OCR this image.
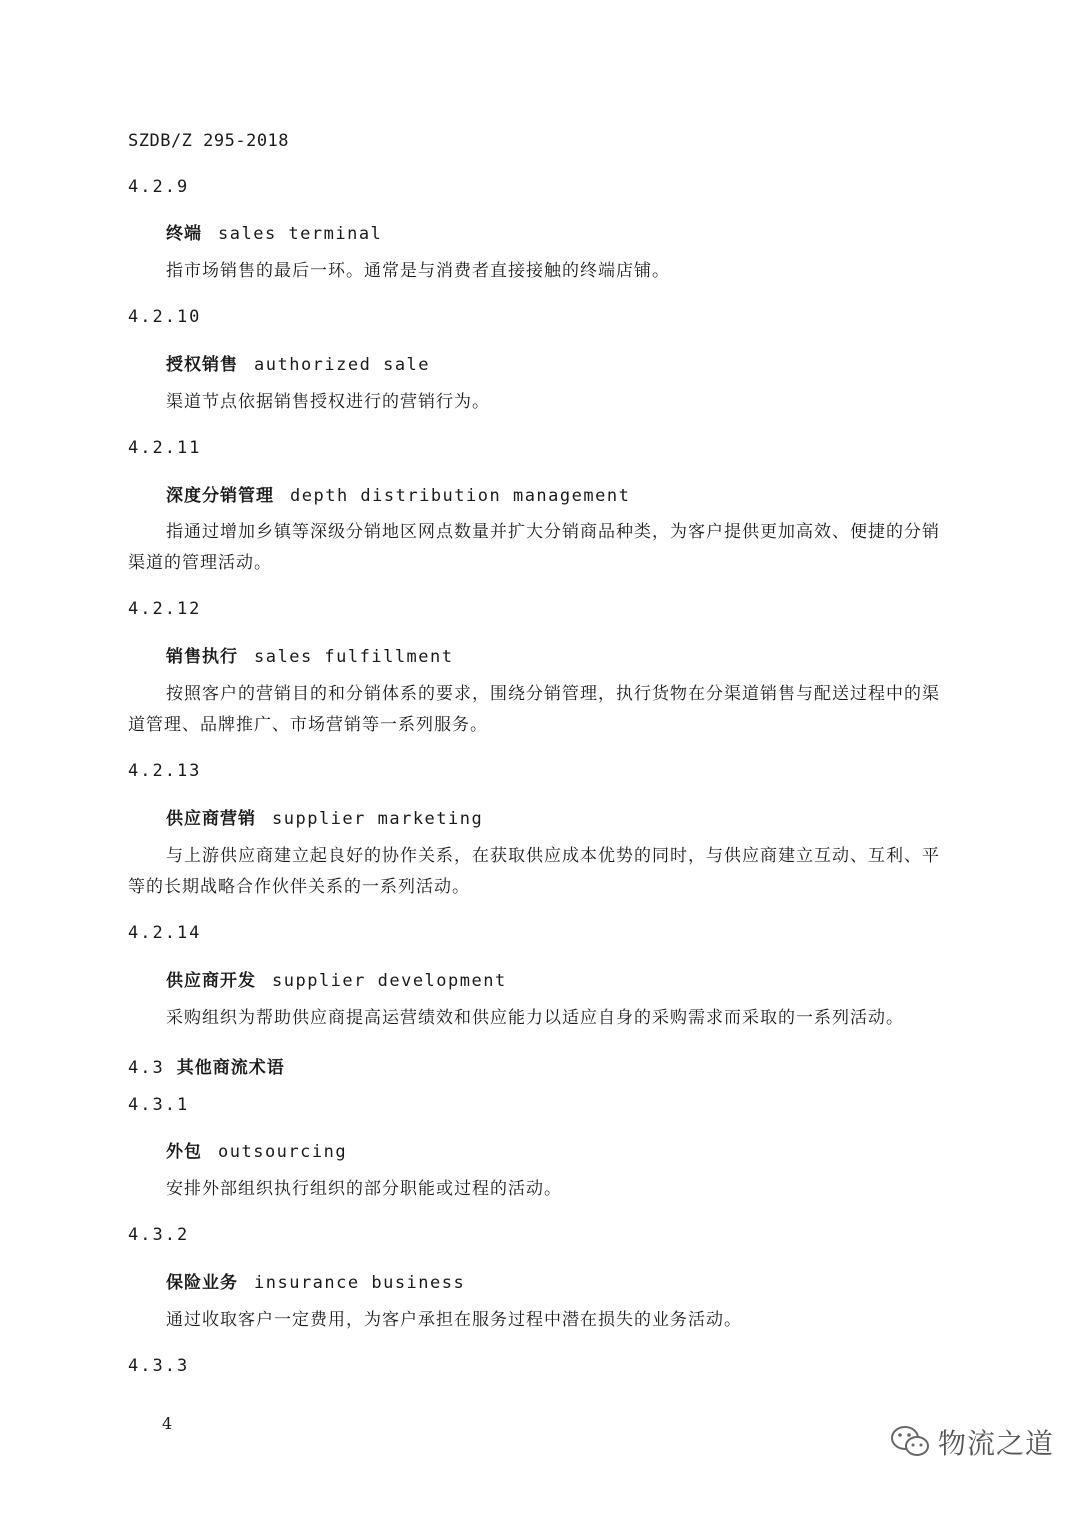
SZDB/Z 295-2018
4.2.9
终端 sales terminal
指市场销售的最后一环。通常是与消费者直接接触的终端店铺。
4.2.10
授权销售 authorized sale
渠道节点依据销售授权进行的营销行为。
4.2.11
深度分销管理 depth distribution management
指通过增加乡镇等深级分销地区网点数量并扩大分销商品种类，为客户提供更加高效、便捷的分销
渠道的管理活动。
4.2.12
销售执行 sales fulfillment
按照客户的营销目的和分销体系的要求，围绕分销管理，执行货物在分渠道销售与配送过程中的渠
道管理、品牌推广、市场营销等一系列服务。
4.2.13
供应商营销 supplier marketing
与上游供应商建立起良好的协作关系，在获取供应成本优势的同时，与供应商建立互动、互利、平
等的长期战略合作伙伴关系的一系列活动。
4.2.14
供应商开发 supplier development
采购组织为帮助供应商提高运营绩效和供应能力以适应自身的采购需求而采取的一系列活动。
4.3 其他商流术语
4.3.1
外包 outsourcing
安排外部组织执行组织的部分职能或过程的活动。
4.3.2
保险业务 insurance business
通过收取客户一定费用，为客户承担在服务过程中潜在损失的业务活动。
4.3.3
4
物流之道
